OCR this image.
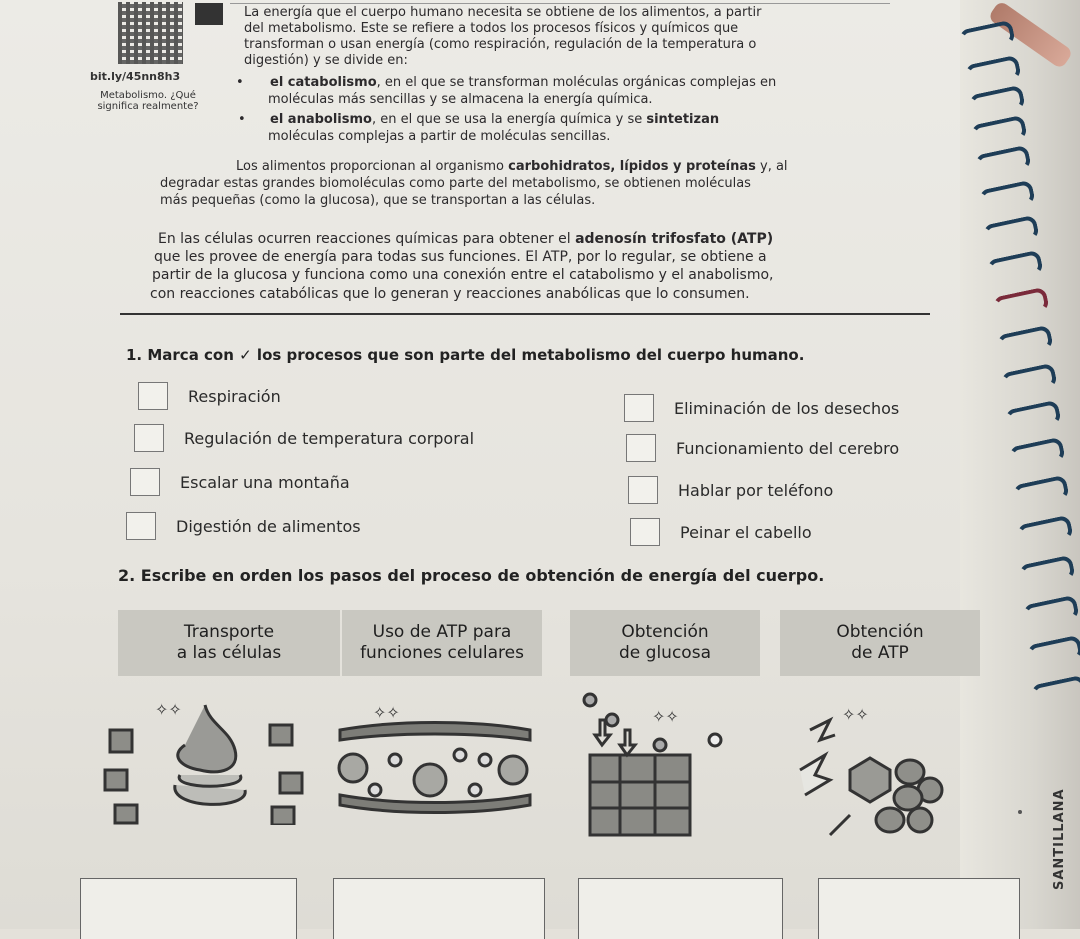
bit.ly/45nn8h3
Metabolismo. ¿Qué significa realmente?
La energía que el cuerpo humano necesita se obtiene de los alimentos, a partir
del metabolismo. Este se refiere a todos los procesos físicos y químicos que
transforman o usan energía (como respiración, regulación de la temperatura o
digestión) y se divide en:
• el catabolismo, en el que se transforman moléculas orgánicas complejas en
moléculas más sencillas y se almacena la energía química.
• el anabolismo, en el que se usa la energía química y se sintetizan
moléculas complejas a partir de moléculas sencillas.
Los alimentos proporcionan al organismo carbohidratos, lípidos y proteínas y, al
degradar estas grandes biomoléculas como parte del metabolismo, se obtienen moléculas
más pequeñas (como la glucosa), que se transportan a las células.
En las células ocurren reacciones químicas para obtener el adenosín trifosfato (ATP)
que les provee de energía para todas sus funciones. El ATP, por lo regular, se obtiene a
partir de la glucosa y funciona como una conexión entre el catabolismo y el anabolismo,
con reacciones catabólicas que lo generan y reacciones anabólicas que lo consumen.
1. Marca con ✓ los procesos que son parte del metabolismo del cuerpo humano.
Respiración
Regulación de temperatura corporal
Escalar una montaña
Digestión de alimentos
Eliminación de los desechos
Funcionamiento del cerebro
Hablar por teléfono
Peinar el cabello
2. Escribe en orden los pasos del proceso de obtención de energía del cuerpo.
Transporte
a las células
Uso de ATP para
funciones celulares
Obtención
de glucosa
Obtención
de ATP
✧✧	✧✧	✧✧	✧✧
SANTILLANA
